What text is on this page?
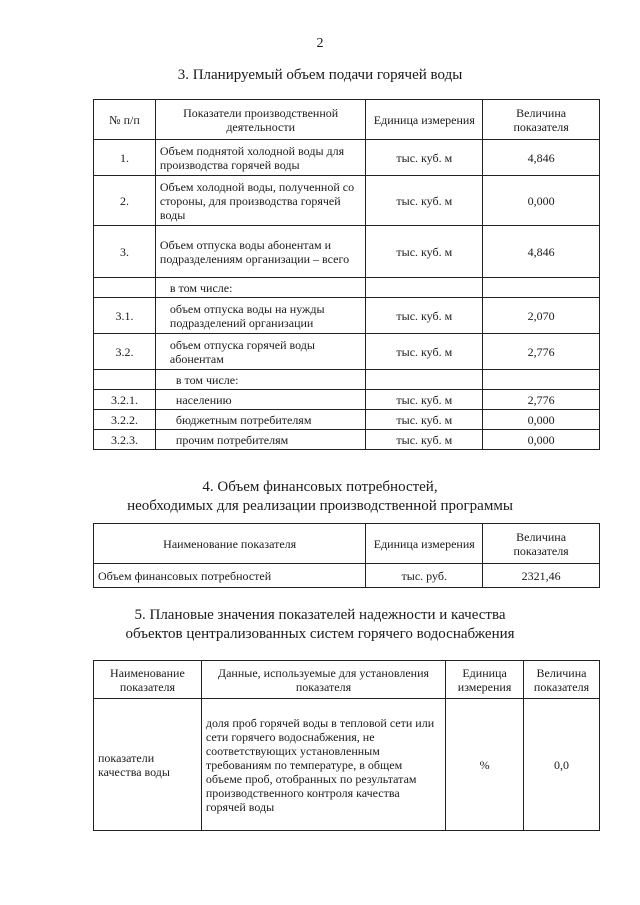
2
3. Планируемый объем подачи горячей воды
№ п/п	Показатели производственной деятельности	Единица измерения	Величина показателя
1.	Объем поднятой холодной воды для производства горячей воды	тыс. куб. м	4,846
2.	Объем холодной воды, полученной со стороны, для производства горячей воды	тыс. куб. м	0,000
3.	Объем отпуска воды абонентам и подразделениям организации – всего	тыс. куб. м	4,846
	в том числе:		
3.1.	объем отпуска воды на нужды подразделений организации	тыс. куб. м	2,070
3.2.	объем отпуска горячей воды абонентам	тыс. куб. м	2,776
	в том числе:		
3.2.1.	населению	тыс. куб. м	2,776
3.2.2.	бюджетным потребителям	тыс. куб. м	0,000
3.2.3.	прочим потребителям	тыс. куб. м	0,000
4. Объем финансовых потребностей,
необходимых для реализации производственной программы
Наименование показателя	Единица измерения	Величина показателя
Объем финансовых потребностей	тыс. руб.	2321,46
5. Плановые значения показателей надежности и качества
объектов централизованных систем горячего водоснабжения
Наименование показателя	Данные, используемые для установления показателя	Единица измерения	Величина показателя
показатели качества воды	доля проб горячей воды в тепловой сети или сети горячего водоснабжения, не соответствующих установленным требованиям по температуре, в общем объеме проб, отобранных по результатам производственного контроля качества горячей воды	%	0,0
